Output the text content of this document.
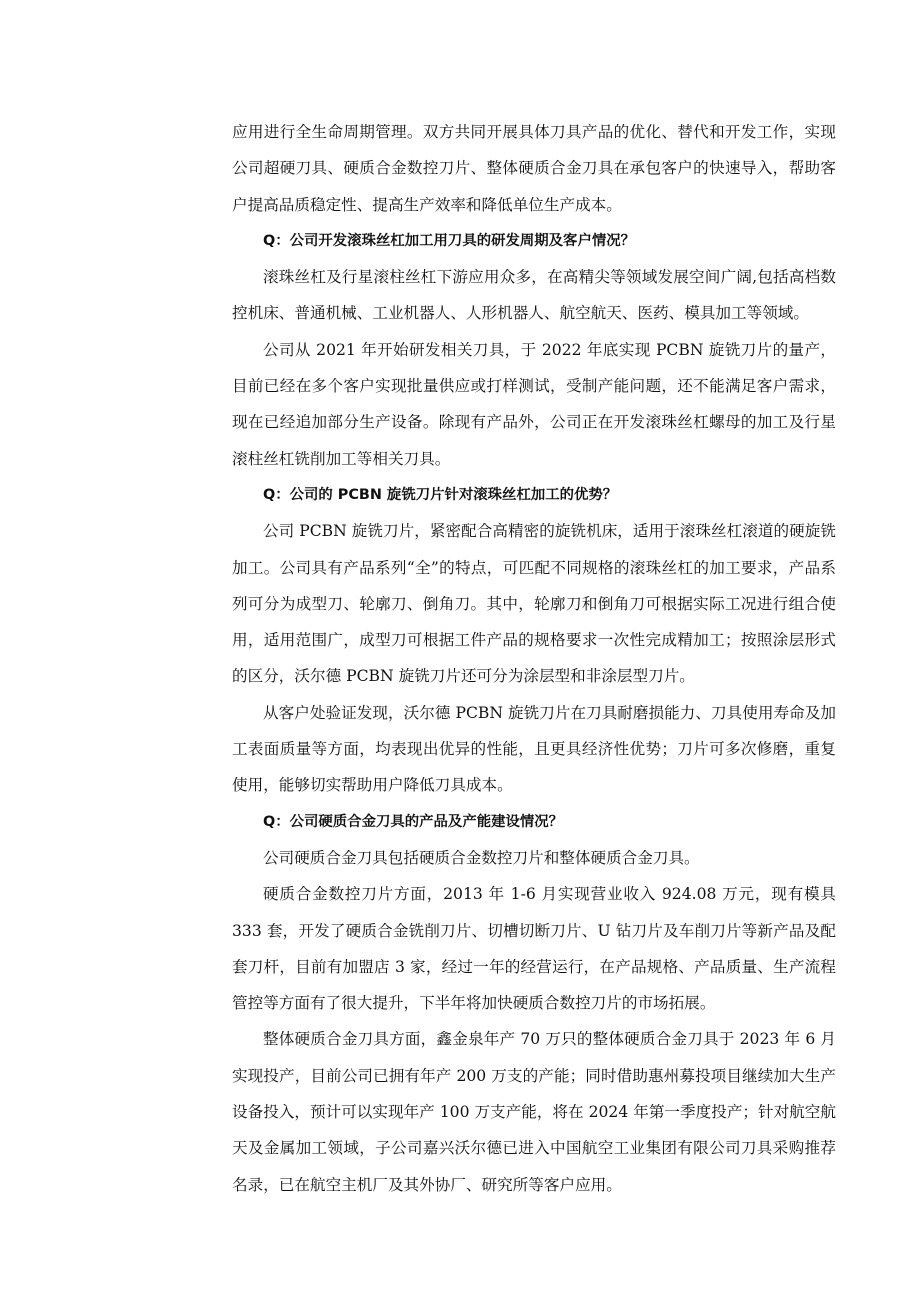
应用进行全生命周期管理。双方共同开展具体刀具产品的优化、替代和开发工作，实现公司超硬刀具、硬质合金数控刀片、整体硬质合金刀具在承包客户的快速导入，帮助客户提高品质稳定性、提高生产效率和降低单位生产成本。

Q：公司开发滚珠丝杠加工用刀具的研发周期及客户情况？

滚珠丝杠及行星滚柱丝杠下游应用众多，在高精尖等领域发展空间广阔,包括高档数控机床、普通机械、工业机器人、人形机器人、航空航天、医药、模具加工等领域。

公司从 2021 年开始研发相关刀具，于 2022 年底实现 PCBN 旋铣刀片的量产，目前已经在多个客户实现批量供应或打样测试，受制产能问题，还不能满足客户需求，现在已经追加部分生产设备。除现有产品外，公司正在开发滚珠丝杠螺母的加工及行星滚柱丝杠铣削加工等相关刀具。

Q：公司的 PCBN 旋铣刀片针对滚珠丝杠加工的优势？

公司 PCBN 旋铣刀片，紧密配合高精密的旋铣机床，适用于滚珠丝杠滚道的硬旋铣加工。公司具有产品系列“全”的特点，可匹配不同规格的滚珠丝杠的加工要求，产品系列可分为成型刀、轮廓刀、倒角刀。其中，轮廓刀和倒角刀可根据实际工况进行组合使用，适用范围广，成型刀可根据工件产品的规格要求一次性完成精加工；按照涂层形式的区分，沃尔德 PCBN 旋铣刀片还可分为涂层型和非涂层型刀片。

从客户处验证发现，沃尔德 PCBN 旋铣刀片在刀具耐磨损能力、刀具使用寿命及加工表面质量等方面，均表现出优异的性能，且更具经济性优势；刀片可多次修磨，重复使用，能够切实帮助用户降低刀具成本。

Q：公司硬质合金刀具的产品及产能建设情况？

公司硬质合金刀具包括硬质合金数控刀片和整体硬质合金刀具。

硬质合金数控刀片方面，2013 年 1-6 月实现营业收入 924.08 万元，现有模具 333 套，开发了硬质合金铣削刀片、切槽切断刀片、U 钻刀片及车削刀片等新产品及配套刀杆，目前有加盟店 3 家，经过一年的经营运行，在产品规格、产品质量、生产流程管控等方面有了很大提升，下半年将加快硬质合数控刀片的市场拓展。

整体硬质合金刀具方面，鑫金泉年产 70 万只的整体硬质合金刀具于 2023 年 6 月实现投产，目前公司已拥有年产 200 万支的产能；同时借助惠州募投项目继续加大生产设备投入，预计可以实现年产 100 万支产能，将在 2024 年第一季度投产；针对航空航天及金属加工领域，子公司嘉兴沃尔德已进入中国航空工业集团有限公司刀具采购推荐名录，已在航空主机厂及其外协厂、研究所等客户应用。
